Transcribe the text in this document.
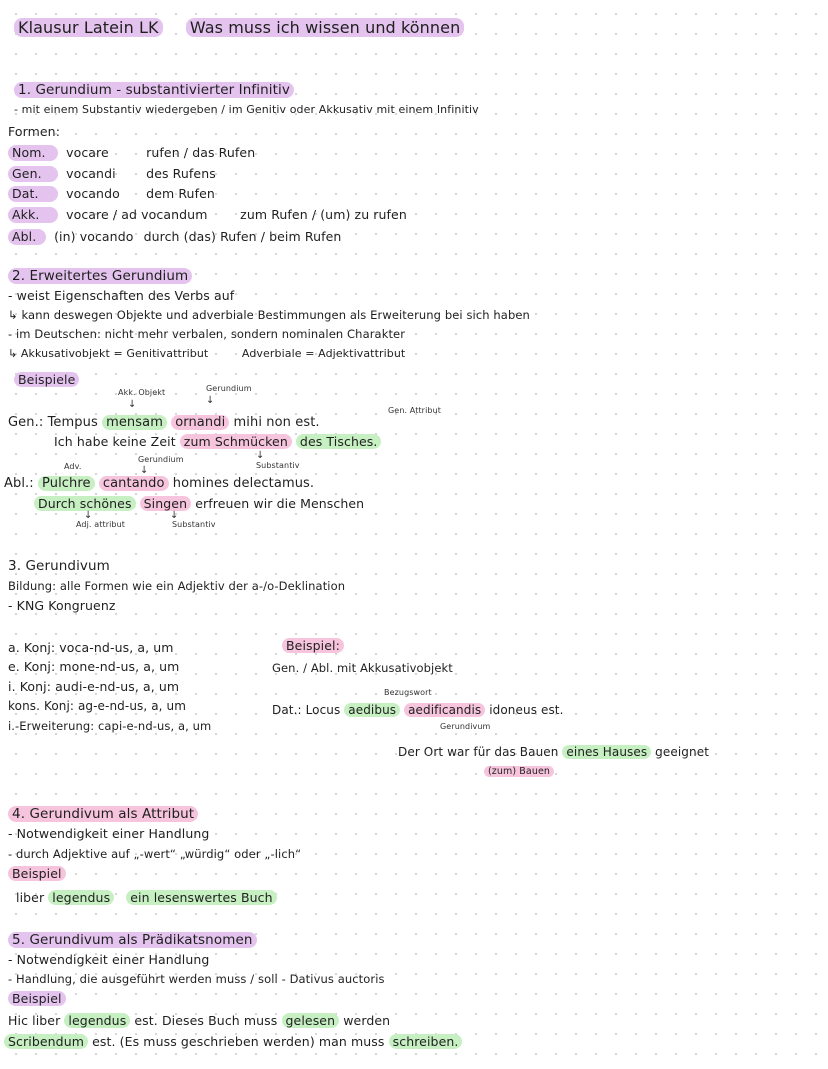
Klausur Latein LK Was muss ich wissen und können
1. Gerundium - substantivierter Infinitiv
- mit einem Substantiv wiedergeben / im Genitiv oder Akkusativ mit einem Infinitiv
Formen:
Nom. vocare	rufen / das Rufen
Gen. vocandi des Rufens
Dat. vocando dem Rufen
Akk. vocare / ad vocandum	zum Rufen / (um) zu rufen
Abl. (in) vocando durch (das) Rufen / beim Rufen
2. Erweitertes Gerundium
- weist Eigenschaften des Verbs auf
↳ kann deswegen Objekte und adverbiale Bestimmungen als Erweiterung bei sich haben
- im Deutschen: nicht mehr verbalen, sondern nominalen Charakter
↳ Akkusativobjekt = Genitivattribut	Adverbiale = Adjektivattribut
Beispiele
Akk. Objekt	Gerundium
↓	↓
Gen. Attribut
Gen.: Tempus mensam ornandi mihi non est.
Ich habe keine Zeit zum Schmücken des Tisches.
↓
Adv.
Gerundium
↓	Substantiv
Abl.: Pulchre cantando homines delectamus.
Durch schönes Singen erfreuen wir die Menschen
↓	↓
Adj. attribut	Substantiv
3. Gerundivum
Bildung: alle Formen wie ein Adjektiv der a-/o-Deklination
- KNG Kongruenz
a. Konj: voca-nd-us, a, um
e. Konj: mone-nd-us, a, um
i. Konj: audi-e-nd-us, a, um
kons. Konj: ag-e-nd-us, a, um
i.-Erweiterung: capi-e-nd-us, a, um
Beispiel:
Gen. / Abl. mit Akkusativobjekt
Bezugswort
Dat.: Locus aedibus aedificandis idoneus est.
Gerundivum
Der Ort war für das Bauen eines Hauses geeignet
(zum) Bauen
4. Gerundivum als Attribut
- Notwendigkeit einer Handlung
- durch Adjektive auf „-wert“ „würdig“ oder „-lich“
Beispiel
liber legendus ein lesenswertes Buch
5. Gerundivum als Prädikatsnomen
- Notwendigkeit einer Handlung
- Handlung, die ausgeführt werden muss / soll - Dativus auctoris
Beispiel
Hic liber legendus est. Dieses Buch muss gelesen werden
Scribendum est. (Es muss geschrieben werden) man muss schreiben.
